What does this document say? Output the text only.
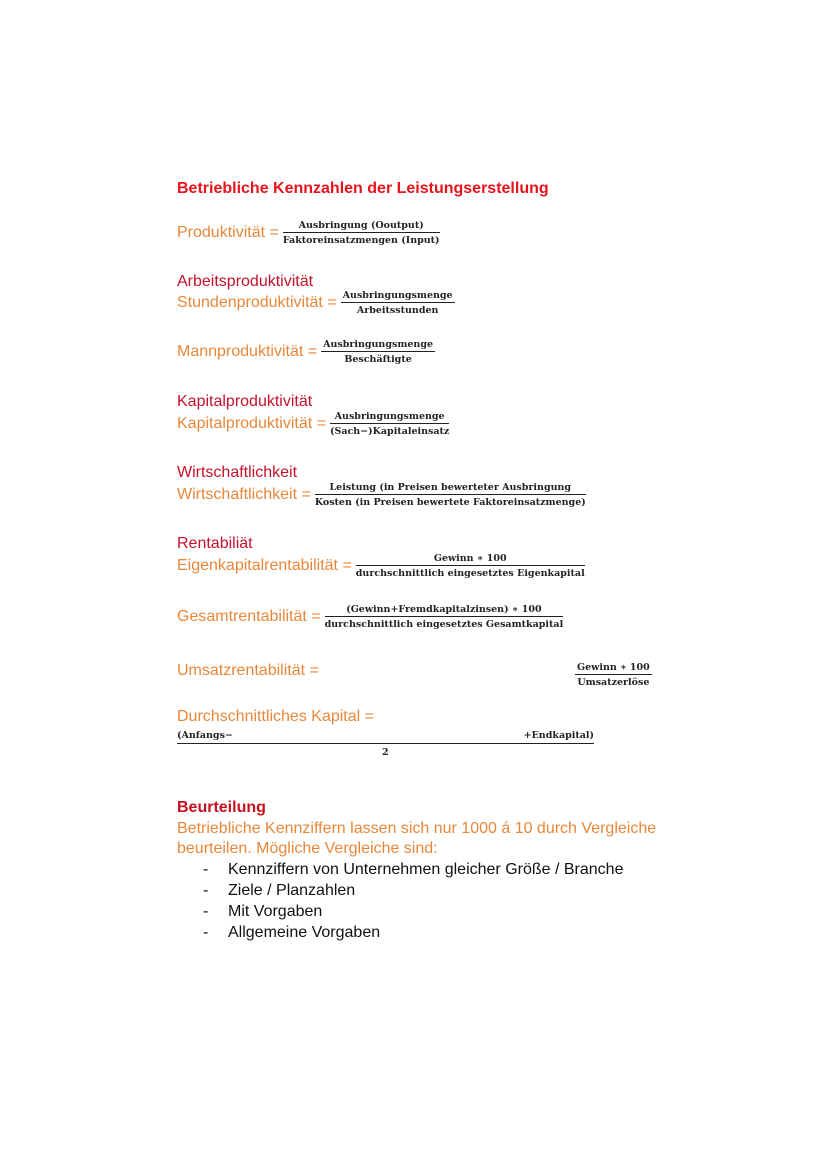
Betriebliche Kennzahlen der Leistungserstellung
Produktivität = $\frac{\text{Ausbringung (Ooutput)}}{\text{Faktoreinsatzmengen (Input)}}$
Arbeitsproduktivität
Stundenproduktivität = $\frac{\text{Ausbringungsmenge}}{\text{Arbeitsstunden}}$
Mannproduktivität = $\frac{\text{Ausbringungsmenge}}{\text{Beschäftigte}}$
Kapitalproduktivität
Kapitalproduktivität = $\frac{\text{Ausbringungsmenge}}{\text{(Sach−)Kapitaleinsatz}}$
Wirtschaftlichkeit
Wirtschaftlichkeit = $\frac{\text{Leistung (in Preisen bewerteter Ausbringung}}{\text{Kosten (in Preisen bewertete Faktoreinsatzmenge)}}$
Rentabiliät
Eigenkapitalrentabilität = $\frac{\text{Gewinn ∗ 100}}{\text{durchschnittlich eingesetztes Eigenkapital}}$
Gesamtrentabilität = $\frac{\text{(Gewinn+Fremdkapitalzinsen) ∗ 100}}{\text{durchschnittlich eingesetztes Gesamtkapital}}$
Umsatzrentabilität =	$\frac{\text{Gewinn ∗ 100}}{\text{Umsatzerlöse}}$
Durchschnittliches Kapital =
(Anfangs−	+Endkapital)
2
Beurteilung
Betriebliche Kennziffern lassen sich nur 1000 á 10 durch Vergleiche
beurteilen. Mögliche Vergleiche sind:
- Kennziffern von Unternehmen gleicher Größe / Branche
- Ziele / Planzahlen
- Mit Vorgaben
- Allgemeine Vorgaben
